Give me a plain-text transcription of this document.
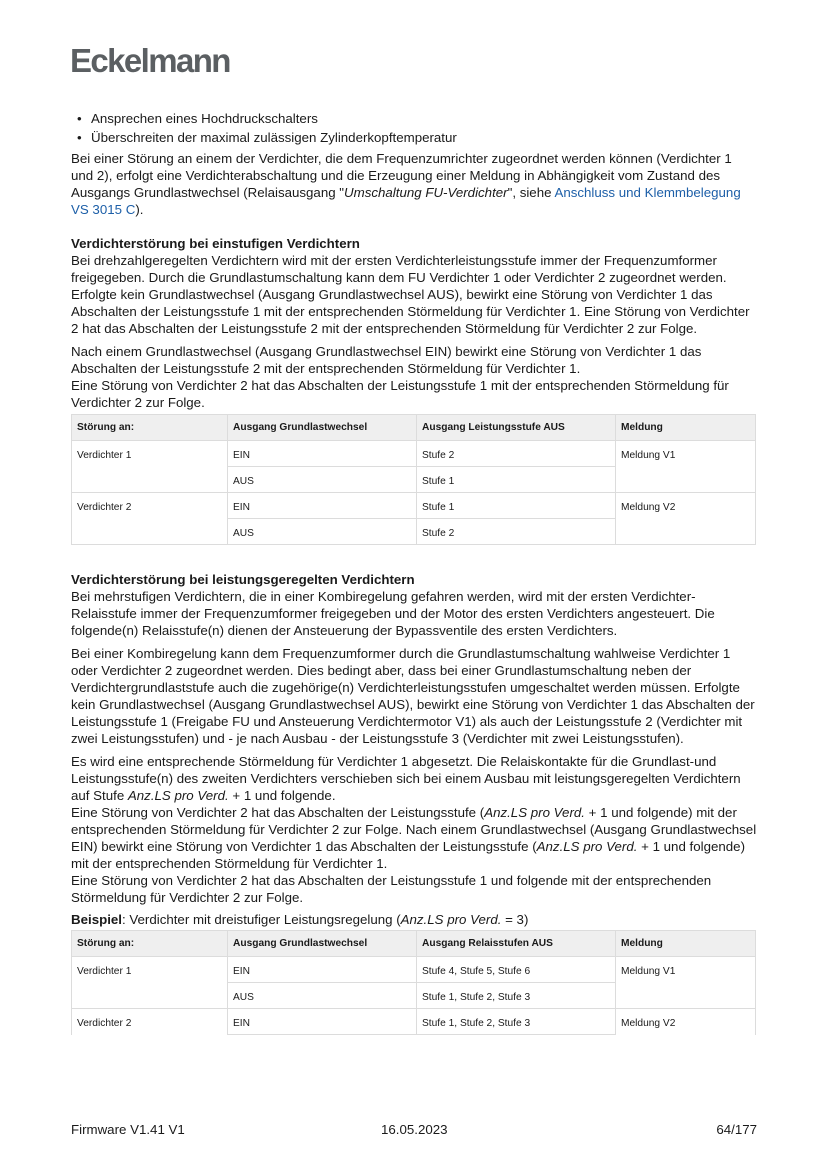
Eckelmann
• Ansprechen eines Hochdruckschalters
• Überschreiten der maximal zulässigen Zylinderkopftemperatur

Bei einer Störung an einem der Verdichter, die dem Frequenzumrichter zugeordnet werden können (Verdichter 1 und 2), erfolgt eine Verdichterabschaltung und die Erzeugung einer Meldung in Abhängigkeit vom Zustand des Ausgangs Grundlastwechsel (Relaisausgang "Umschaltung FU-Verdichter", siehe Anschluss und Klemmbelegung VS 3015 C).

Verdichterstörung bei einstufigen Verdichtern

Bei drehzahlgeregelten Verdichtern wird mit der ersten Verdichterleistungsstufe immer der Frequenzumformer freigegeben. Durch die Grundlastumschaltung kann dem FU Verdichter 1 oder Verdichter 2 zugeordnet werden. Erfolgte kein Grundlastwechsel (Ausgang Grundlastwechsel AUS), bewirkt eine Störung von Verdichter 1 das Abschalten der Leistungsstufe 1 mit der entsprechenden Störmeldung für Verdichter 1. Eine Störung von Verdichter 2 hat das Abschalten der Leistungsstufe 2 mit der entsprechenden Störmeldung für Verdichter 2 zur Folge.

Nach einem Grundlastwechsel (Ausgang Grundlastwechsel EIN) bewirkt eine Störung von Verdichter 1 das Abschalten der Leistungsstufe 2 mit der entsprechenden Störmeldung für Verdichter 1.
Eine Störung von Verdichter 2 hat das Abschalten der Leistungsstufe 1 mit der entsprechenden Störmeldung für Verdichter 2 zur Folge.

Störung an:	Ausgang Grundlastwechsel	Ausgang Leistungsstufe AUS	Meldung
Verdichter 1	EIN	Stufe 2	Meldung V1
	AUS	Stufe 1	
Verdichter 2	EIN	Stufe 1	Meldung V2
	AUS	Stufe 2	
Verdichterstörung bei leistungsgeregelten Verdichtern

Bei mehrstufigen Verdichtern, die in einer Kombiregelung gefahren werden, wird mit der ersten Verdichter-Relaisstufe immer der Frequenzumformer freigegeben und der Motor des ersten Verdichters angesteuert. Die folgende(n) Relaisstufe(n) dienen der Ansteuerung der Bypassventile des ersten Verdichters.

Bei einer Kombiregelung kann dem Frequenzumformer durch die Grundlastumschaltung wahlweise Verdichter 1 oder Verdichter 2 zugeordnet werden. Dies bedingt aber, dass bei einer Grundlastumschaltung neben der Verdichtergrundlaststufe auch die zugehörige(n) Verdichterleistungsstufen umgeschaltet werden müssen. Erfolgte kein Grundlastwechsel (Ausgang Grundlastwechsel AUS), bewirkt eine Störung von Verdichter 1 das Abschalten der Leistungsstufe 1 (Freigabe FU und Ansteuerung Verdichtermotor V1) als auch der Leistungsstufe 2 (Verdichter mit zwei Leistungsstufen) und - je nach Ausbau - der Leistungsstufe 3 (Verdichter mit zwei Leistungsstufen).

Es wird eine entsprechende Störmeldung für Verdichter 1 abgesetzt. Die Relaiskontakte für die Grundlast-und Leistungsstufe(n) des zweiten Verdichters verschieben sich bei einem Ausbau mit leistungsgeregelten Verdichtern auf Stufe Anz.LS pro Verd. + 1 und folgende.
Eine Störung von Verdichter 2 hat das Abschalten der Leistungsstufe (Anz.LS pro Verd. + 1 und folgende) mit der entsprechenden Störmeldung für Verdichter 2 zur Folge. Nach einem Grundlastwechsel (Ausgang Grundlastwechsel EIN) bewirkt eine Störung von Verdichter 1 das Abschalten der Leistungsstufe (Anz.LS pro Verd. + 1 und folgende) mit der entsprechenden Störmeldung für Verdichter 1.
Eine Störung von Verdichter 2 hat das Abschalten der Leistungsstufe 1 und folgende mit der entsprechenden Störmeldung für Verdichter 2 zur Folge.

Beispiel: Verdichter mit dreistufiger Leistungsregelung (Anz.LS pro Verd. = 3)

Störung an:	Ausgang Grundlastwechsel	Ausgang Relaisstufen AUS	Meldung
Verdichter 1	EIN	Stufe 4, Stufe 5, Stufe 6	Meldung V1
	AUS	Stufe 1, Stufe 2, Stufe 3	
Verdichter 2	EIN	Stufe 1, Stufe 2, Stufe 3	Meldung V2
Firmware V1.41 V1	16.05.2023	64/177
